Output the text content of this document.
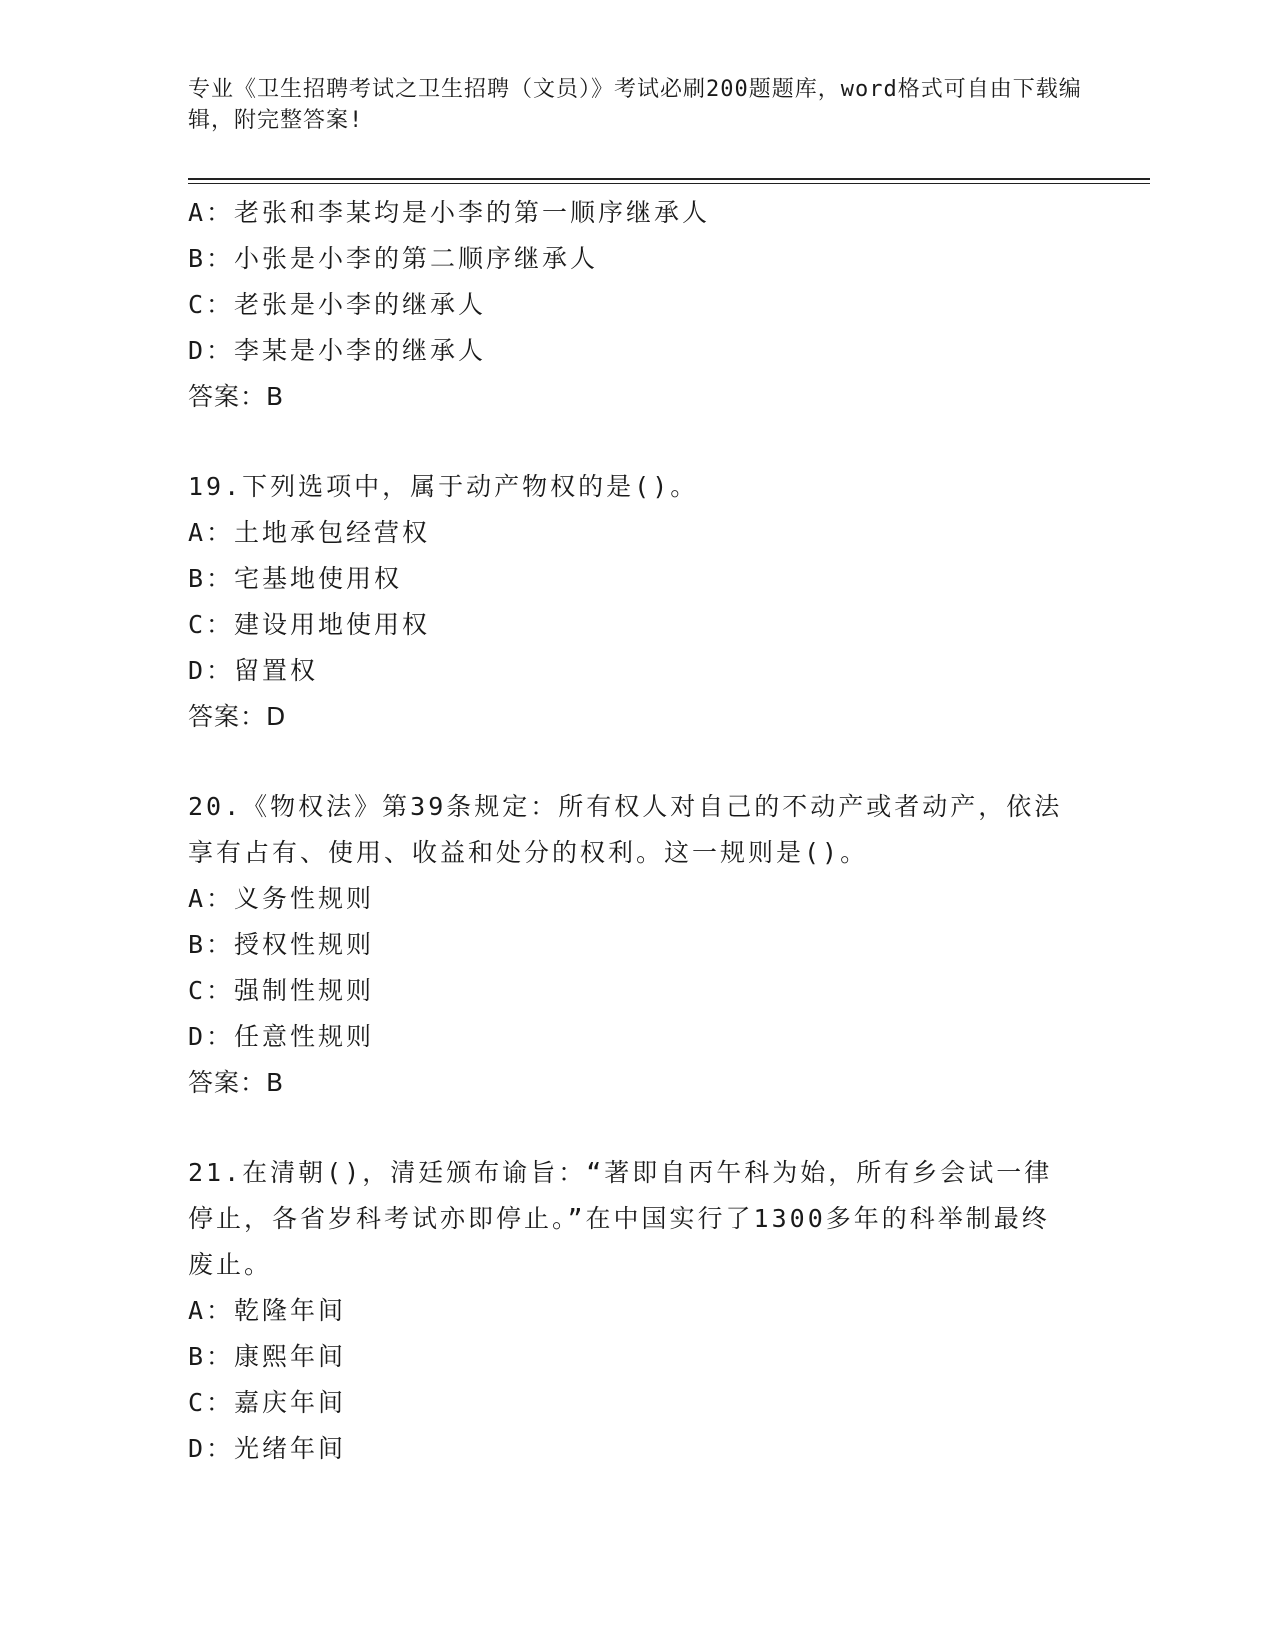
专业《卫生招聘考试之卫生招聘（文员）》考试必刷200题题库，word格式可自由下载编辑，附完整答案!
A：老张和李某均是小李的第一顺序继承人
B：小张是小李的第二顺序继承人
C：老张是小李的继承人
D：李某是小李的继承人
答案：B
19.下列选项中，属于动产物权的是()。
A：土地承包经营权
B：宅基地使用权
C：建设用地使用权
D：留置权
答案：D
20.《物权法》第39条规定：所有权人对自己的不动产或者动产，依法享有占有、使用、收益和处分的权利。这一规则是()。
A：义务性规则
B：授权性规则
C：强制性规则
D：任意性规则
答案：B
21.在清朝()，清廷颁布谕旨：“著即自丙午科为始，所有乡会试一律停止，各省岁科考试亦即停止。”在中国实行了1300多年的科举制最终废止。
A：乾隆年间
B：康熙年间
C：嘉庆年间
D：光绪年间
